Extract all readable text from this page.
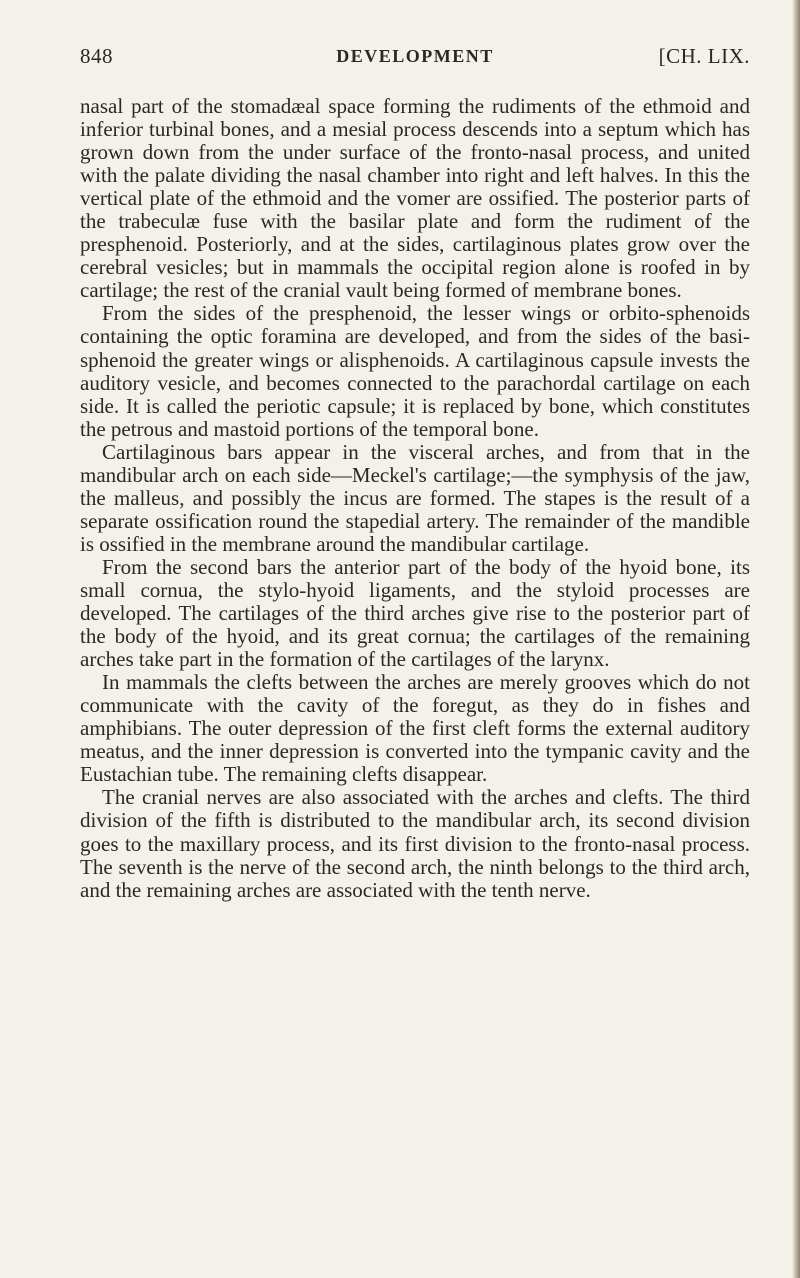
848	DEVELOPMENT	[CH. LIX.

nasal part of the stomadæal space forming the rudiments of the ethmoid and inferior turbinal bones, and a mesial process descends into a septum which has grown down from the under surface of the fronto-nasal process, and united with the palate dividing the nasal chamber into right and left halves. In this the vertical plate of the ethmoid and the vomer are ossified. The posterior parts of the trabeculæ fuse with the basilar plate and form the rudiment of the presphenoid. Posteriorly, and at the sides, cartilaginous plates grow over the cerebral vesicles; but in mammals the occipital region alone is roofed in by cartilage; the rest of the cranial vault being formed of membrane bones.

From the sides of the presphenoid, the lesser wings or orbito-sphenoids containing the optic foramina are developed, and from the sides of the basi-sphenoid the greater wings or alisphenoids. A cartilaginous capsule invests the auditory vesicle, and becomes connected to the parachordal cartilage on each side. It is called the periotic capsule; it is replaced by bone, which constitutes the petrous and mastoid portions of the temporal bone.

Cartilaginous bars appear in the visceral arches, and from that in the mandibular arch on each side—Meckel's cartilage;—the symphysis of the jaw, the malleus, and possibly the incus are formed. The stapes is the result of a separate ossification round the stapedial artery. The remainder of the mandible is ossified in the membrane around the mandibular cartilage.

From the second bars the anterior part of the body of the hyoid bone, its small cornua, the stylo-hyoid ligaments, and the styloid processes are developed. The cartilages of the third arches give rise to the posterior part of the body of the hyoid, and its great cornua; the cartilages of the remaining arches take part in the formation of the cartilages of the larynx.

In mammals the clefts between the arches are merely grooves which do not communicate with the cavity of the foregut, as they do in fishes and amphibians. The outer depression of the first cleft forms the external auditory meatus, and the inner depression is converted into the tympanic cavity and the Eustachian tube. The remaining clefts disappear.

The cranial nerves are also associated with the arches and clefts. The third division of the fifth is distributed to the mandibular arch, its second division goes to the maxillary process, and its first division to the fronto-nasal process. The seventh is the nerve of the second arch, the ninth belongs to the third arch, and the remaining arches are associated with the tenth nerve.
